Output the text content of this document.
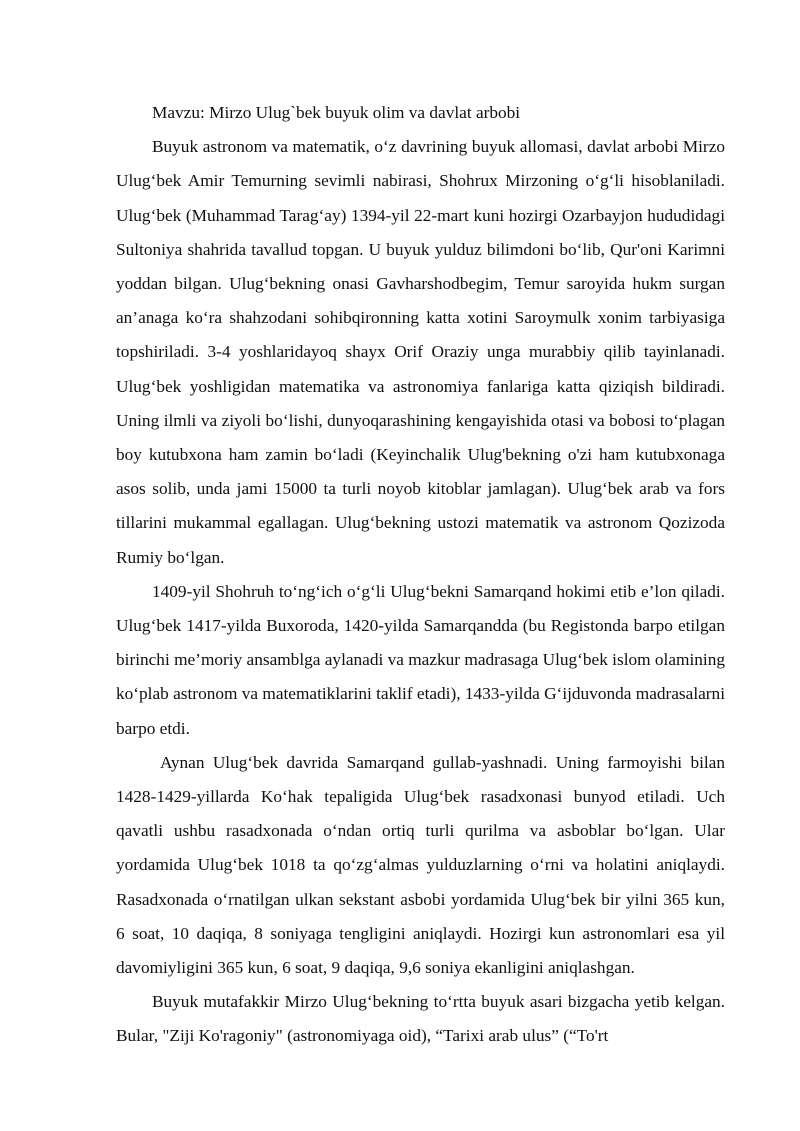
Mavzu: Mirzo Ulug`bek buyuk olim va davlat arbobi

Buyuk astronom va matematik, o‘z davrining buyuk allomasi, davlat arbobi Mirzo Ulug‘bek Amir Temurning sevimli nabirasi, Shohrux Mirzoning o‘g‘li hisoblaniladi. Ulug‘bek (Muhammad Tarag‘ay) 1394-yil 22-mart kuni hozirgi Ozarbayjon hududidagi Sultoniya shahrida tavallud topgan. U buyuk yulduz bilimdoni bo‘lib, Qur'oni Karimni yoddan bilgan. Ulug‘bekning onasi Gavharshodbegim, Temur saroyida hukm surgan an’anaga ko‘ra shahzodani sohibqironning katta xotini Saroymulk xonim tarbiyasiga topshiriladi. 3-4 yoshlaridayoq shayx Orif Oraziy unga murabbiy qilib tayinlanadi. Ulug‘bek yoshligidan matematika va astronomiya fanlariga katta qiziqish bildiradi. Uning ilmli va ziyoli bo‘lishi, dunyoqarashining kengayishida otasi va bobosi to‘plagan boy kutubxona ham zamin bo‘ladi (Keyinchalik Ulug'bekning o'zi ham kutubxonaga asos solib, unda jami 15000 ta turli noyob kitoblar jamlagan). Ulug‘bek arab va fors tillarini mukammal egallagan. Ulug‘bekning ustozi matematik va astronom Qozizoda Rumiy bo‘lgan.

1409-yil Shohruh to‘ng‘ich o‘g‘li Ulug‘bekni Samarqand hokimi etib e’lon qiladi. Ulug‘bek 1417-yilda Buxoroda, 1420-yilda Samarqandda (bu Registonda barpo etilgan birinchi me’moriy ansamblga aylanadi va mazkur madrasaga Ulug‘bek islom olamining ko‘plab astronom va matematiklarini taklif etadi), 1433-yilda G‘ijduvonda madrasalarni barpo etdi.

Aynan Ulug‘bek davrida Samarqand gullab-yashnadi. Uning farmoyishi bilan 1428-1429-yillarda Ko‘hak tepaligida Ulug‘bek rasadxonasi bunyod etiladi. Uch qavatli ushbu rasadxonada o‘ndan ortiq turli qurilma va asboblar bo‘lgan. Ular yordamida Ulug‘bek 1018 ta qo‘zg‘almas yulduzlarning o‘rni va holatini aniqlaydi. Rasadxonada o‘rnatilgan ulkan sekstant asbobi yordamida Ulug‘bek bir yilni 365 kun, 6 soat, 10 daqiqa, 8 soniyaga tengligini aniqlaydi. Hozirgi kun astronomlari esa yil davomiyligini 365 kun, 6 soat, 9 daqiqa, 9,6 soniya ekanligini aniqlashgan.

Buyuk mutafakkir Mirzo Ulug‘bekning to‘rtta buyuk asari bizgacha yetib kelgan. Bular, "Ziji Ko'ragoniy" (astronomiyaga oid), “Tarixi arab ulus” (“To'rt
